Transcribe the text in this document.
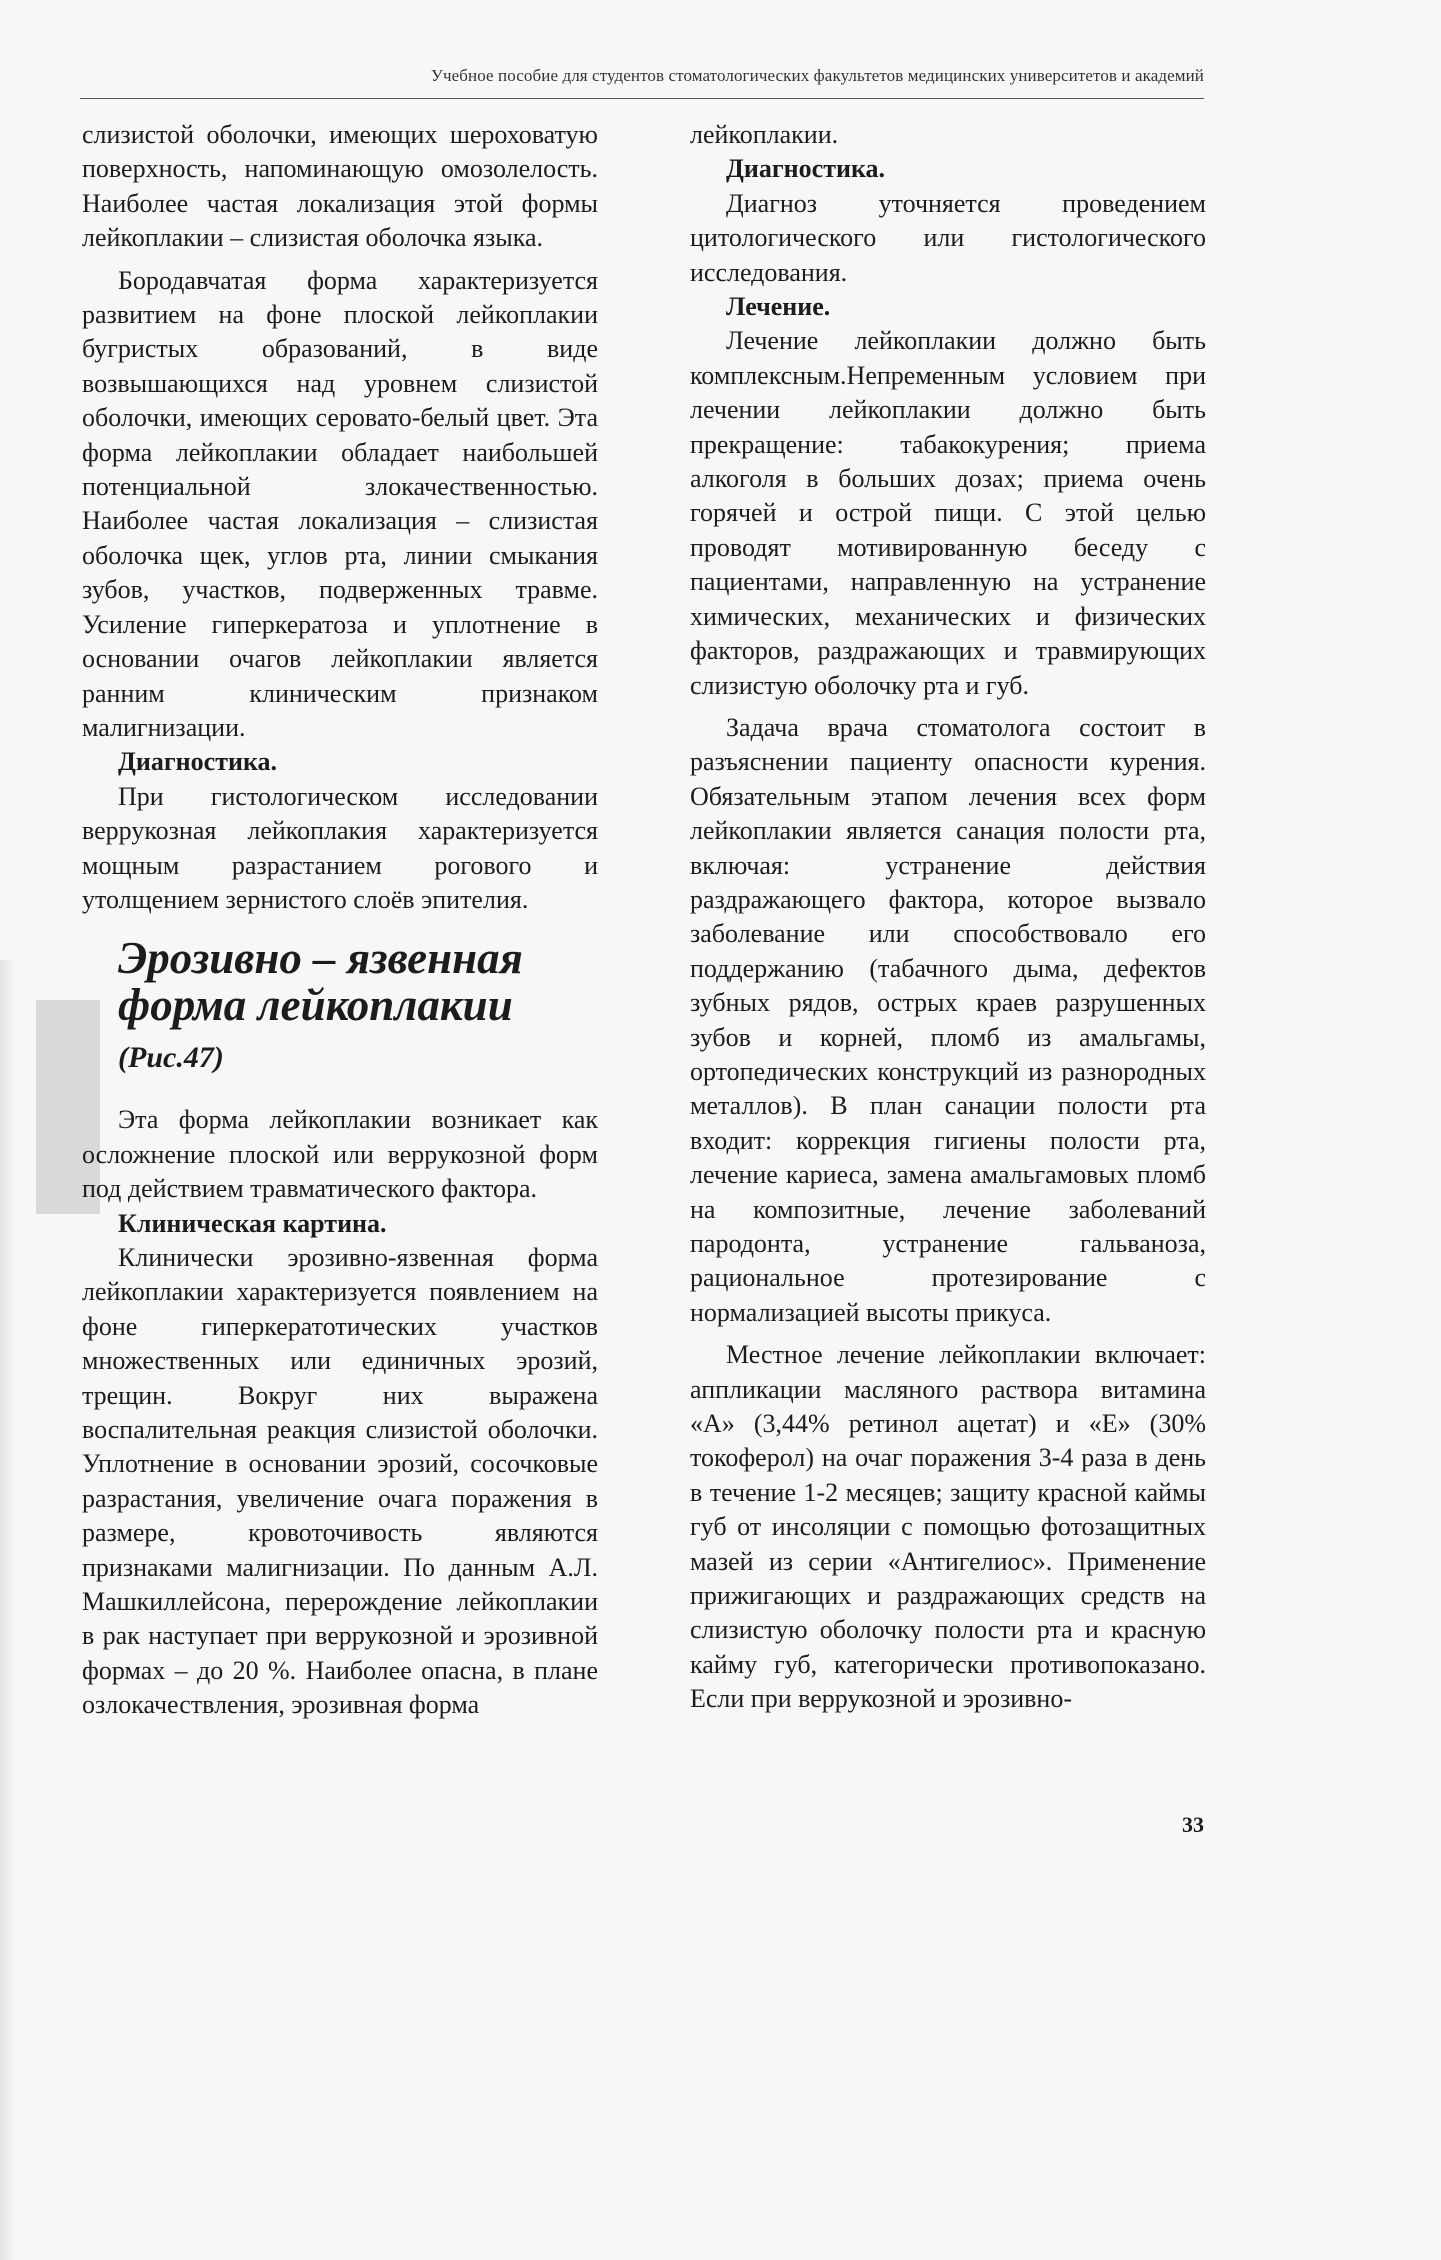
Учебное пособие для студентов стоматологических факультетов медицинских университетов и академий

слизистой оболочки, имеющих шероховатую поверхность, напоминающую омозолелость. Наиболее частая локализация этой формы лейкоплакии – слизистая оболочка языка.

Бородавчатая форма характеризуется развитием на фоне плоской лейкоплакии бугристых образований, в виде возвышающихся над уровнем слизистой оболочки, имеющих серовато-белый цвет. Эта форма лейкоплакии обладает наибольшей потенциальной злокачественностью. Наиболее частая локализация – слизистая оболочка щек, углов рта, линии смыкания зубов, участков, подверженных травме. Усиление гиперкератоза и уплотнение в основании очагов лейкоплакии является ранним клиническим признаком малигнизации.

Диагностика.

При гистологическом исследовании веррукозная лейкоплакия характеризуется мощным разрастанием рогового и утолщением зернистого слоёв эпителия.

Эрозивно – язвенная форма лейкоплакии (Рис.47)

Эта форма лейкоплакии возникает как осложнение плоской или веррукозной форм под действием травматического фактора.

Клиническая картина.

Клинически эрозивно-язвенная форма лейкоплакии характеризуется появлением на фоне гиперкератотических участков множественных или единичных эрозий, трещин. Вокруг них выражена воспалительная реакция слизистой оболочки. Уплотнение в основании эрозий, сосочковые разрастания, увеличение очага поражения в размере, кровоточивость являются признаками малигнизации. По данным А.Л. Машкиллейсона, перерождение лейкоплакии в рак наступает при веррукозной и эрозивной формах – до 20 %. Наиболее опасна, в плане озлокачествления, эрозивная форма

лейкоплакии.

Диагностика.

Диагноз уточняется проведением цитологического или гистологического исследования.

Лечение.

Лечение лейкоплакии должно быть комплексным.Непременным условием при лечении лейкоплакии должно быть прекращение: табакокурения; приема алкоголя в больших дозах; приема очень горячей и острой пищи. С этой целью проводят мотивированную беседу с пациентами, направленную на устранение химических, механических и физических факторов, раздражающих и травмирующих слизистую оболочку рта и губ.

Задача врача стоматолога состоит в разъяснении пациенту опасности курения. Обязательным этапом лечения всех форм лейкоплакии является санация полости рта, включая: устранение действия раздражающего фактора, которое вызвало заболевание или способствовало его поддержанию (табачного дыма, дефектов зубных рядов, острых краев разрушенных зубов и корней, пломб из амальгамы, ортопедических конструкций из разнородных металлов). В план санации полости рта входит: коррекция гигиены полости рта, лечение кариеса, замена амальгамовых пломб на композитные, лечение заболеваний пародонта, устранение гальваноза, рациональное протезирование с нормализацией высоты прикуса.

Местное лечение лейкоплакии включает: аппликации масляного раствора витамина «А» (3,44% ретинол ацетат) и «Е» (30% токоферол) на очаг поражения 3-4 раза в день в течение 1-2 месяцев; защиту красной каймы губ от инсоляции с помощью фотозащитных мазей из серии «Антигелиос». Применение прижигающих и раздражающих средств на слизистую оболочку полости рта и красную кайму губ, категорически противопоказано. Если при веррукозной и эрозивно-

33
